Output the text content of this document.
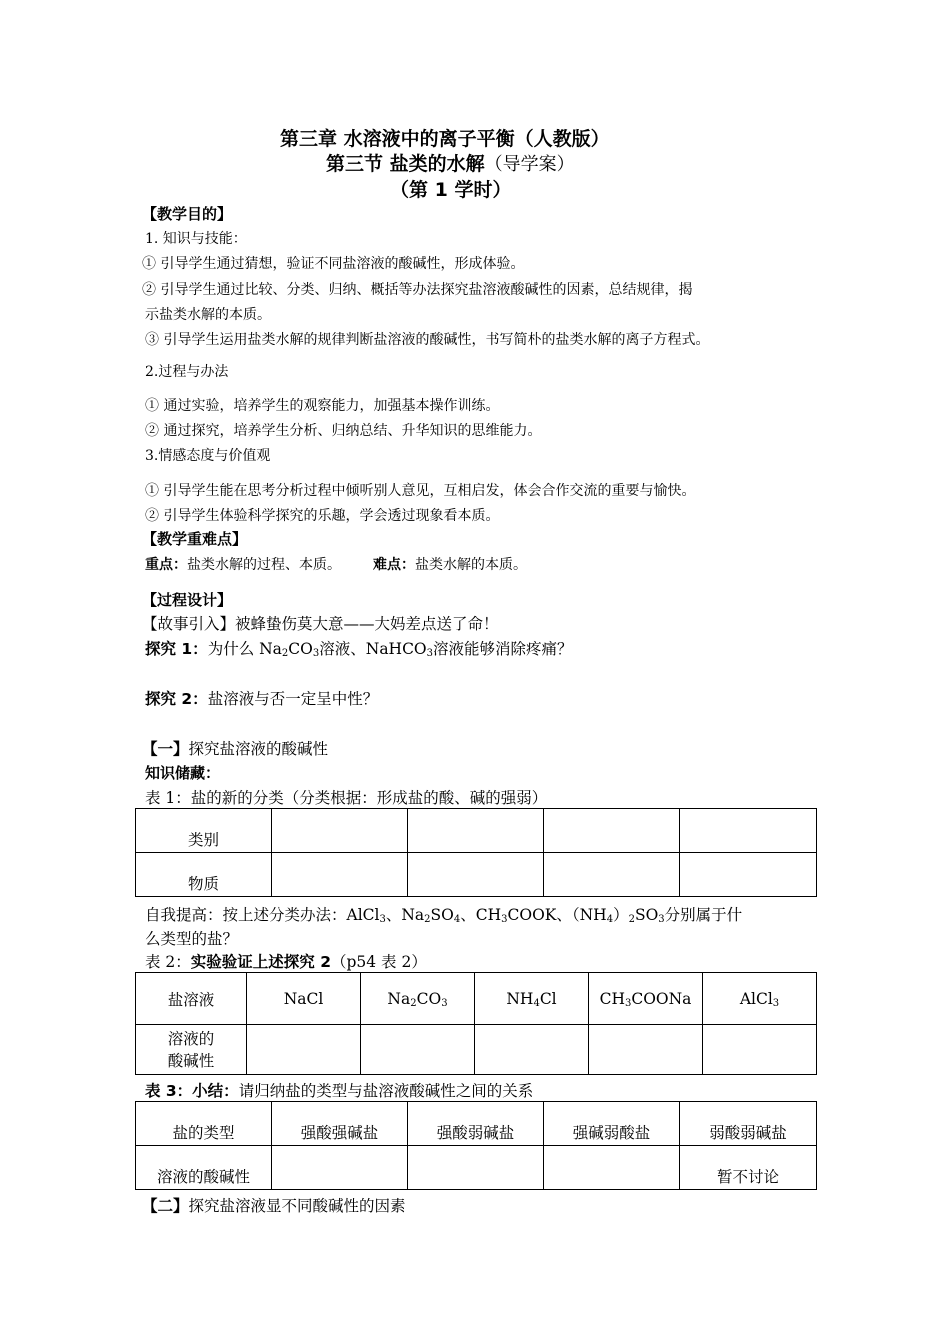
第三章 水溶液中的离子平衡（人教版）
第三节 盐类的水解（导学案）
（第 1 学时）
【教学目的】
1. 知识与技能：
① 引导学生通过猜想，验证不同盐溶液的酸碱性，形成体验。
② 引导学生通过比较、分类、归纳、概括等办法探究盐溶液酸碱性的因素，总结规律，揭
示盐类水解的本质。
③ 引导学生运用盐类水解的规律判断盐溶液的酸碱性，书写简朴的盐类水解的离子方程式。
2.过程与办法
① 通过实验，培养学生的观察能力，加强基本操作训练。
② 通过探究，培养学生分析、归纳总结、升华知识的思维能力。
3.情感态度与价值观
① 引导学生能在思考分析过程中倾听别人意见，互相启发，体会合作交流的重要与愉快。
② 引导学生体验科学探究的乐趣，学会透过现象看本质。
【教学重难点】
重点：盐类水解的过程、本质。 难点：盐类水解的本质。
【过程设计】
【故事引入】被蜂蛰伤莫大意——大妈差点送了命！
探究 1：为什么 $Na_2CO_3$溶液、NaHCO$_3$溶液能够消除疼痛？
探究 2：盐溶液与否一定呈中性？
【一】探究盐溶液的酸碱性
知识储藏：
表 1：盐的新的分类（分类根据：形成盐的酸、碱的强弱）
类别				
物质				
自我提高：按上述分类办法：AlCl$_3$、$Na_2SO_4$、$CH_3COOK$、$(NH_4)_2SO_3$分别属于什
么类型的盐？
表 2：实验验证上述探究 2（p54 表 2）
盐溶液	NaCl	$Na_2CO_3$	$NH_4Cl$	$CH_3COONa$	AlCl$_3$
溶液的
酸碱性					
表 3：小结：请归纳盐的类型与盐溶液酸碱性之间的关系
盐的类型	强酸强碱盐	强酸弱碱盐	强碱弱酸盐	弱酸弱碱盐
溶液的酸碱性				暂不讨论
【二】探究盐溶液显不同酸碱性的因素
